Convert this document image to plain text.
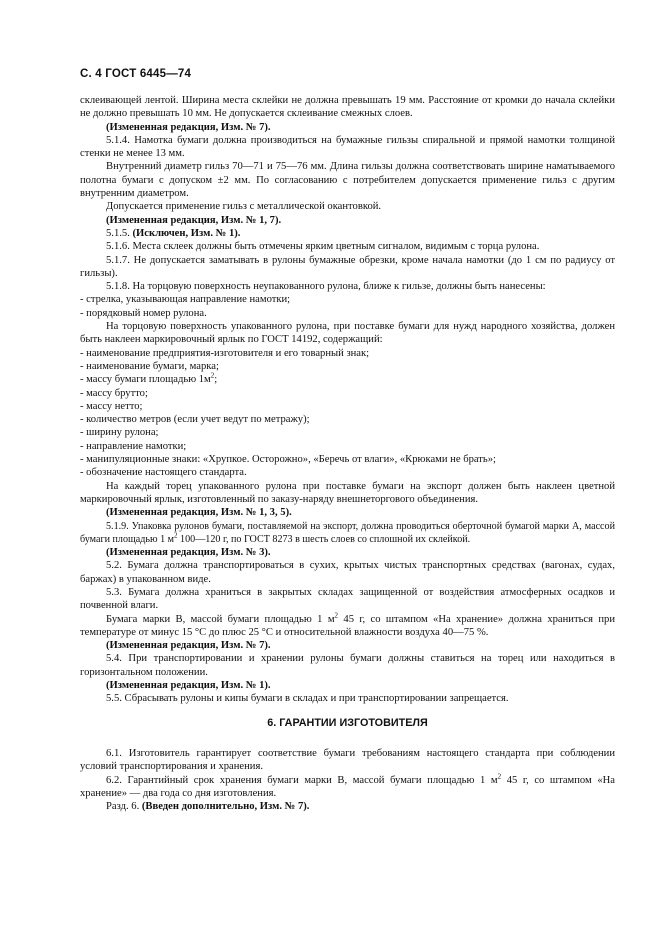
С. 4 ГОСТ 6445—74

склеивающей лентой. Ширина места склейки не должна превышать 19 мм. Расстояние от кромки до начала склейки не должно превышать 10 мм. Не допускается склеивание смежных слоев.

(Измененная редакция, Изм. № 7).

5.1.4. Намотка бумаги должна производиться на бумажные гильзы спиральной и прямой намотки толщиной стенки не менее 13 мм.

Внутренний диаметр гильз 70—71 и 75—76 мм. Длина гильзы должна соответствовать ширине наматываемого полотна бумаги с допуском ±2 мм. По согласованию с потребителем допускается применение гильз с другим внутренним диаметром.

Допускается применение гильз с металлической окантовкой.

(Измененная редакция, Изм. № 1, 7).

5.1.5. (Исключен, Изм. № 1).

5.1.6. Места склеек должны быть отмечены ярким цветным сигналом, видимым с торца рулона.

5.1.7. Не допускается заматывать в рулоны бумажные обрезки, кроме начала намотки (до 1 см по радиусу от гильзы).

5.1.8. На торцовую поверхность неупакованного рулона, ближе к гильзе, должны быть нанесены:

- стрелка, указывающая направление намотки;

- порядковый номер рулона.

На торцовую поверхность упакованного рулона, при поставке бумаги для нужд народного хозяйства, должен быть наклеен маркировочный ярлык по ГОСТ 14192, содержащий:

- наименование предприятия-изготовителя и его товарный знак;

- наименование бумаги, марка;

- массу бумаги площадью $1м^2$;

- массу брутто;

- массу нетто;

- количество метров (если учет ведут по метражу);

- ширину рулона;

- направление намотки;

- манипуляционные знаки: «Хрупкое. Осторожно», «Беречь от влаги», «Крюками не брать»;

- обозначение настоящего стандарта.

На каждый торец упакованного рулона при поставке бумаги на экспорт должен быть наклеен цветной маркировочный ярлык, изготовленный по заказу-наряду внешнеторгового объединения.

(Измененная редакция, Изм. № 1, 3, 5).

5.1.9. Упаковка рулонов бумаги, поставляемой на экспорт, должна проводиться оберточной бумагой марки А, массой бумаги площадью 1 $м^2$ 100—120 г, по ГОСТ 8273 в шесть слоев со сплошной их склейкой.

(Измененная редакция, Изм. № 3).

5.2. Бумага должна транспортироваться в сухих, крытых чистых транспортных средствах (вагонах, судах, баржах) в упакованном виде.

5.3. Бумага должна храниться в закрытых складах защищенной от воздействия атмосферных осадков и почвенной влаги.

Бумага марки В, массой бумаги площадью 1 $м^2$ 45 г, со штампом «На хранение» должна храниться при температуре от минус 15 °С до плюс 25 °С и относительной влажности воздуха 40—75 %.

(Измененная редакция, Изм. № 7).

5.4. При транспортировании и хранении рулоны бумаги должны ставиться на торец или находиться в горизонтальном положении.

(Измененная редакция, Изм. № 1).

5.5. Сбрасывать рулоны и кипы бумаги в складах и при транспортировании запрещается.

6. ГАРАНТИИ ИЗГОТОВИТЕЛЯ

6.1. Изготовитель гарантирует соответствие бумаги требованиям настоящего стандарта при соблюдении условий транспортирования и хранения.

6.2. Гарантийный срок хранения бумаги марки В, массой бумаги площадью 1 $м^2$ 45 г, со штампом «На хранение» — два года со дня изготовления.

Разд. 6. (Введен дополнительно, Изм. № 7).
